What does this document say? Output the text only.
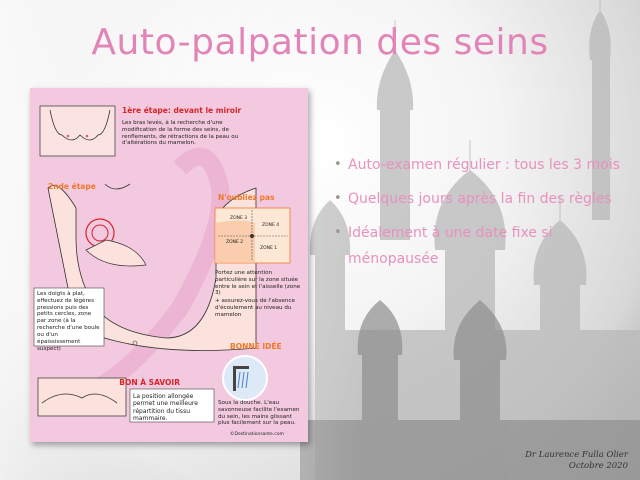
Auto-palpation des seins
1ère étape: devant le miroir
Les bras levés, à la recherche d'une modification de la forme des seins, de renflements, de rétractions de la peau ou d'altérations du mamelon.
2nde étape
Les doigts à plat, effectuez de légères pressions puis des petits cercles, zone par zone (à la recherche d'une boule ou d'un épaississement suspect)
N'oubliez pas
ZONE 3
ZONE 4
ZONE 2
ZONE 1
Portez une attention particulière sur la zone située entre le sein et l'aisselle (zone 3)
+ assurez-vous de l'absence d'écoulement au niveau du mamelon
BONNE IDÉE
Sous la douche. L'eau savonneuse facilite l'examen du sein, les mains glissant plus facilement sur la peau.
BON À SAVOIR
La position allongée permet une meilleure répartition du tissu mammaire.
©Destinationsante.com
• Auto-examen régulier : tous les 3 mois
• Quelques jours après la fin des règles
• Idéalement à une date fixe si ménopausée
Dr Laurence Fulla Olier
Octobre 2020
